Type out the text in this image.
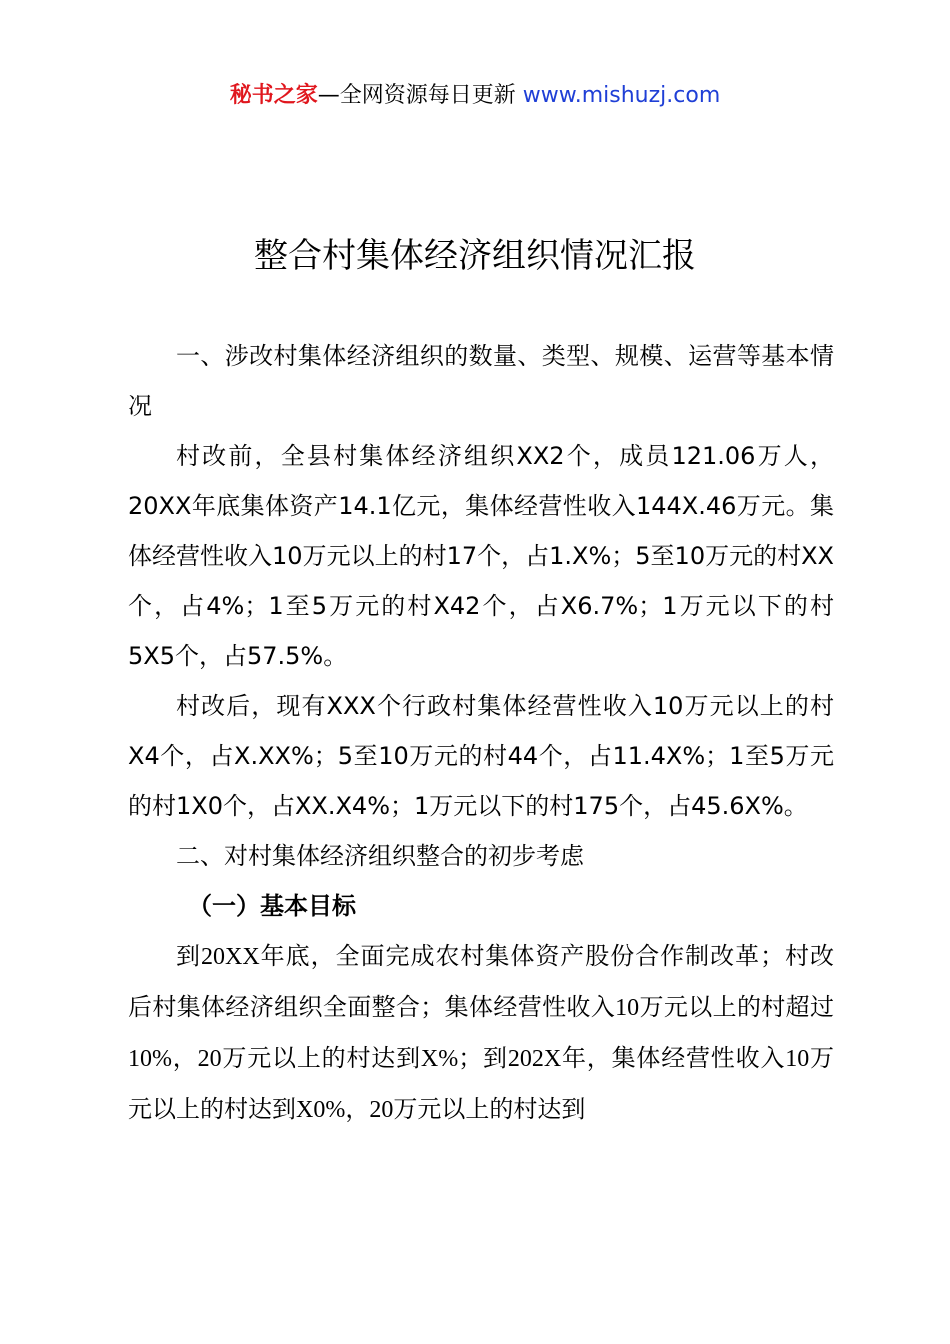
秘书之家—全网资源每日更新 www.mishuzj.com
整合村集体经济组织情况汇报

一、涉改村集体经济组织的数量、类型、规模、运营等基本情况

村改前，全县村集体经济组织XX2个，成员121.06万人，20XX年底集体资产14.1亿元，集体经营性收入144X.46万元。集体经营性收入10万元以上的村17个，占1.X%；5至10万元的村XX个，占4%；1至5万元的村X42个，占X6.7%；1万元以下的村5X5个，占57.5%。

村改后，现有XXX个行政村集体经营性收入10万元以上的村X4个，占X.XX%；5至10万元的村44个，占11.4X%；1至5万元的村1X0个，占XX.X4%；1万元以下的村175个，占45.6X%。

二、对村集体经济组织整合的初步考虑

（一）基本目标

到20XX年底，全面完成农村集体资产股份合作制改革；村改后村集体经济组织全面整合；集体经营性收入10万元以上的村超过10%，20万元以上的村达到X%；到202X年，集体经营性收入10万元以上的村达到X0%，20万元以上的村达到
